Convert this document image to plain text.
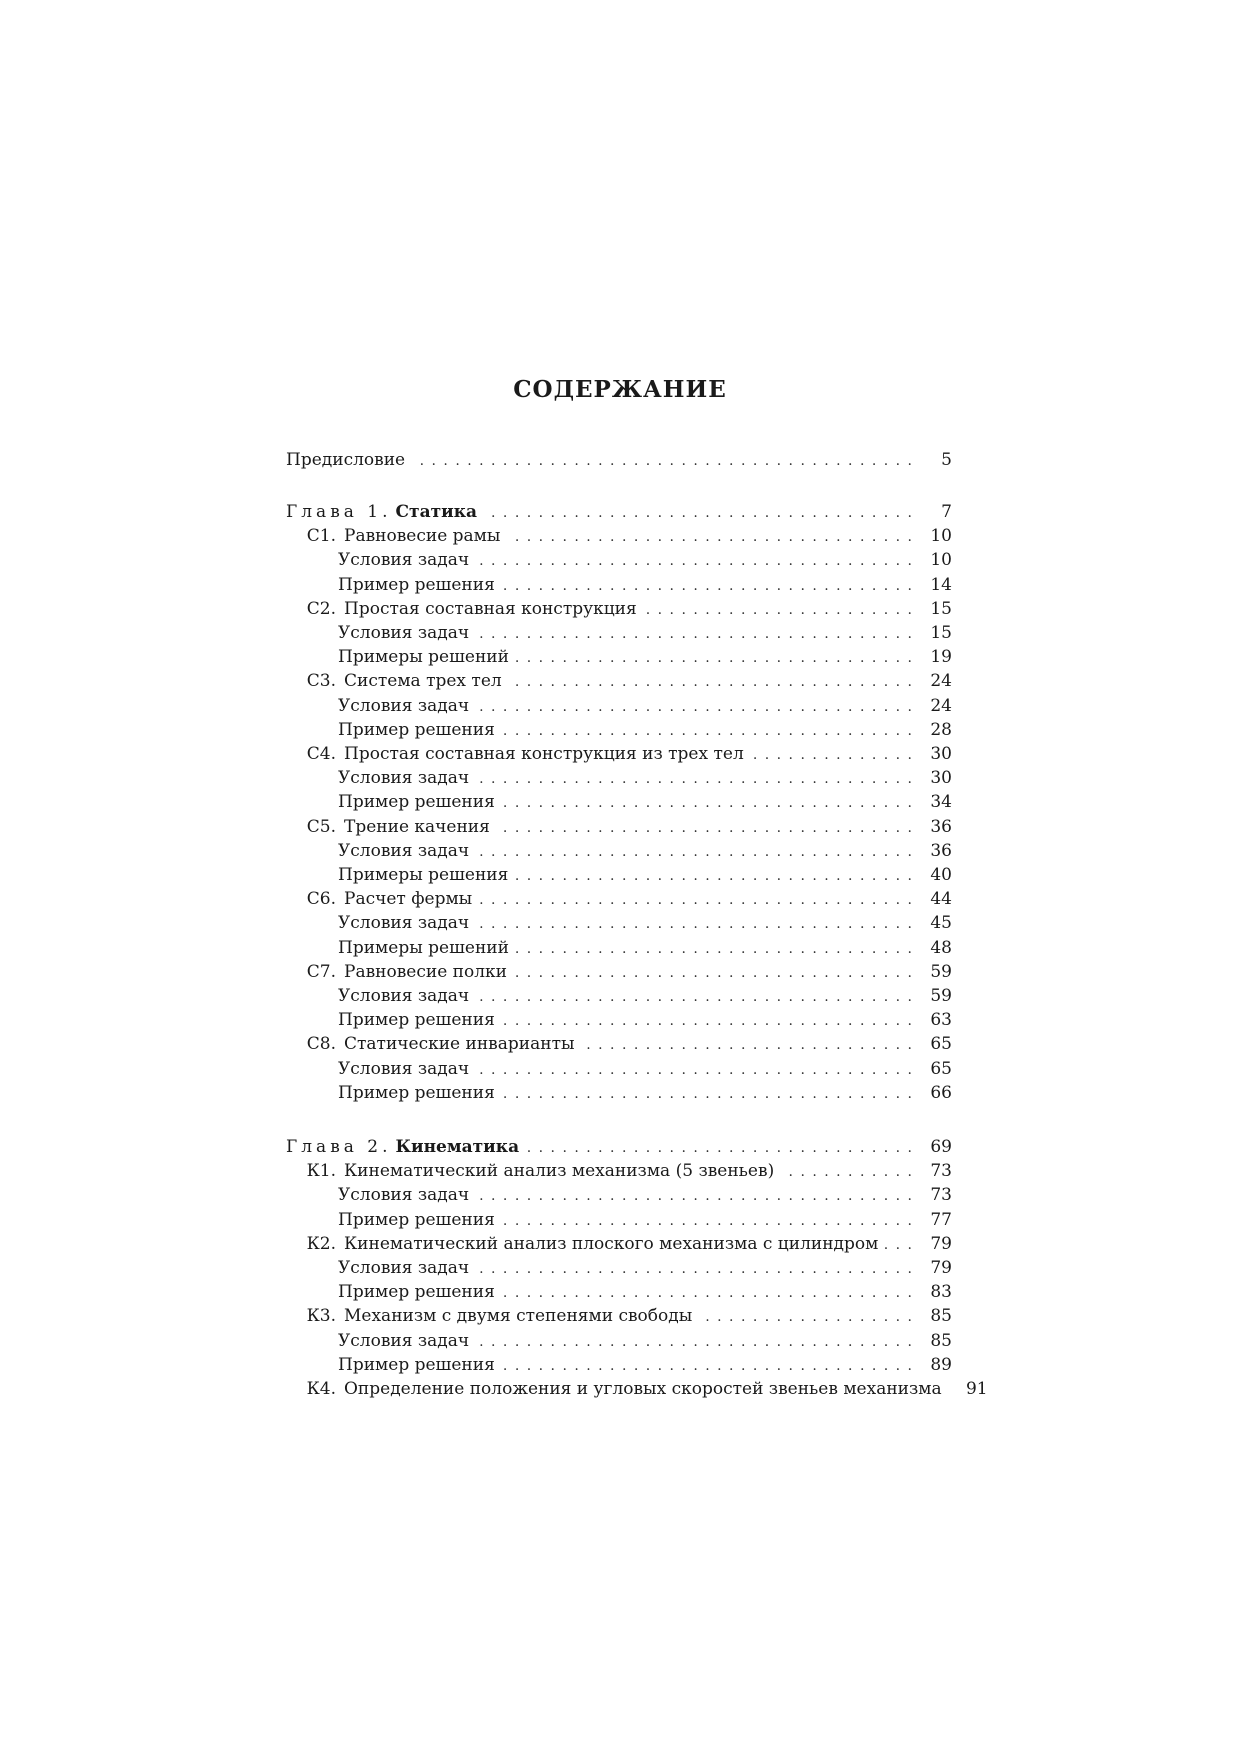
СОДЕРЖАНИЕ
Предисловие . . .	5
Глава 1. Статика . . .	7
С1. Равновесие рамы . . .	10
Условия задач . . .	10
Пример решения . . .	14
С2. Простая составная конструкция . . .	15
Условия задач . . .	15
Примеры решений . . .	19
С3. Система трех тел . . .	24
Условия задач . . .	24
Пример решения . . .	28
С4. Простая составная конструкция из трех тел . . .	30
Условия задач . . .	30
Пример решения . . .	34
С5. Трение качения . . .	36
Условия задач . . .	36
Примеры решения . . .	40
С6. Расчет фермы . . .	44
Условия задач . . .	45
Примеры решений . . .	48
С7. Равновесие полки . . .	59
Условия задач . . .	59
Пример решения . . .	63
С8. Статические инварианты . . .	65
Условия задач . . .	65
Пример решения . . .	66
Глава 2. Кинематика . . .	69
К1. Кинематический анализ механизма (5 звеньев) . . .	73
Условия задач . . .	73
Пример решения . . .	77
К2. Кинематический анализ плоского механизма с цилиндром . . .	79
Условия задач . . .	79
Пример решения . . .	83
К3. Механизм с двумя степенями свободы . . .	85
Условия задач . . .	85
Пример решения . . .	89
К4. Определение положения и угловых скоростей звеньев механизма	91
